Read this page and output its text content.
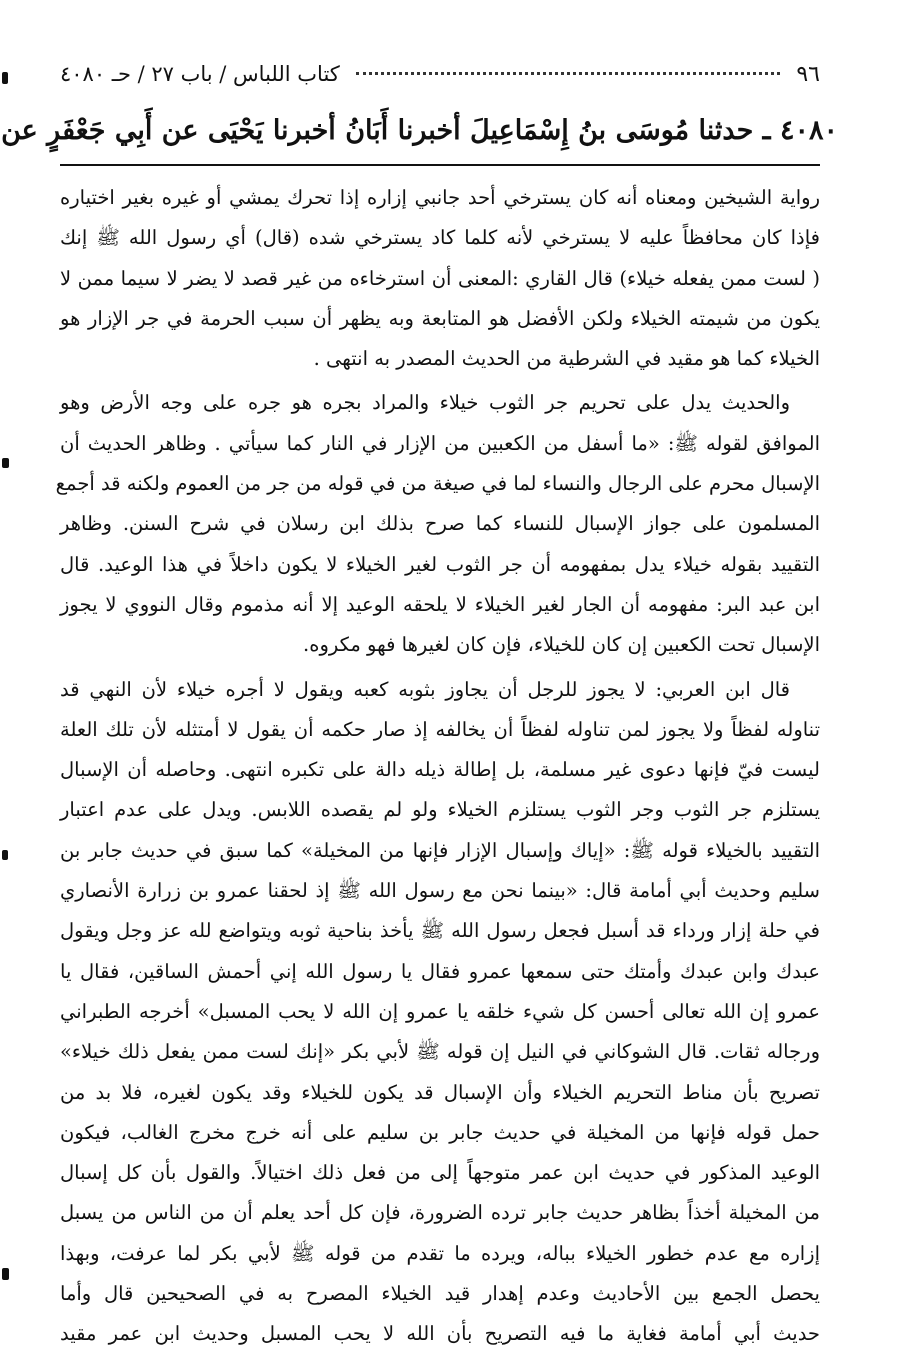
٩٦
كتاب اللباس / باب ٢٧ / حـ ٤٠٨٠
٤٠٨٠ ـ حدثنا مُوسَى بنُ إِسْمَاعِيلَ أخبرنا أَبَانُ أخبرنا يَحْيَى عن أَبِي جَعْفَرٍ عن
رواية الشيخين ومعناه أنه كان يسترخي أحد جانبي إزاره إذا تحرك يمشي أو غيره بغير اختياره
فإذا كان محافظاً عليه لا يسترخي لأنه كلما كاد يسترخي شده (قال) أي رسول الله ﷺ إنك
( لست ممن يفعله خيلاء) قال القاري :المعنى أن استرخاءه من غير قصد لا يضر لا سيما ممن لا
يكون من شيمته الخيلاء ولكن الأفضل هو المتابعة وبه يظهر أن سبب الحرمة في جر الإزار هو
الخيلاء كما هو مقيد في الشرطية من الحديث المصدر به انتهى .
والحديث يدل على تحريم جر الثوب خيلاء والمراد بجره هو جره على وجه الأرض وهو
الموافق لقوله ﷺ: «ما أسفل من الكعبين من الإزار في النار كما سيأتي . وظاهر الحديث أن
الإسبال محرم على الرجال والنساء لما في صيغة من في قوله من جر من العموم ولكنه قد أجمع
المسلمون على جواز الإسبال للنساء كما صرح بذلك ابن رسلان في شرح السنن. وظاهر
التقييد بقوله خيلاء يدل بمفهومه أن جر الثوب لغير الخيلاء لا يكون داخلاً في هذا الوعيد. قال
ابن عبد البر: مفهومه أن الجار لغير الخيلاء لا يلحقه الوعيد إلا أنه مذموم وقال النووي لا يجوز
الإسبال تحت الكعبين إن كان للخيلاء، فإن كان لغيرها فهو مكروه.
قال ابن العربي: لا يجوز للرجل أن يجاوز بثوبه كعبه ويقول لا أجره خيلاء لأن النهي قد
تناوله لفظاً ولا يجوز لمن تناوله لفظاً أن يخالفه إذ صار حكمه أن يقول لا أمتثله لأن تلك العلة
ليست فيّ فإنها دعوى غير مسلمة، بل إطالة ذيله دالة على تكبره انتهى. وحاصله أن الإسبال
يستلزم جر الثوب وجر الثوب يستلزم الخيلاء ولو لم يقصده اللابس. ويدل على عدم اعتبار
التقييد بالخيلاء قوله ﷺ: «إياك وإسبال الإزار فإنها من المخيلة» كما سبق في حديث جابر بن
سليم وحديث أبي أمامة قال: «بينما نحن مع رسول الله ﷺ إذ لحقنا عمرو بن زرارة الأنصاري
في حلة إزار ورداء قد أسبل فجعل رسول الله ﷺ يأخذ بناحية ثوبه ويتواضع لله عز وجل ويقول
عبدك وابن عبدك وأمتك حتى سمعها عمرو فقال يا رسول الله إني أحمش الساقين، فقال يا
عمرو إن الله تعالى أحسن كل شيء خلقه يا عمرو إن الله لا يحب المسبل» أخرجه الطبراني
ورجاله ثقات. قال الشوكاني في النيل إن قوله ﷺ لأبي بكر «إنك لست ممن يفعل ذلك خيلاء»
تصريح بأن مناط التحريم الخيلاء وأن الإسبال قد يكون للخيلاء وقد يكون لغيره، فلا بد من
حمل قوله فإنها من المخيلة في حديث جابر بن سليم على أنه خرج مخرج الغالب، فيكون
الوعيد المذكور في حديث ابن عمر متوجهاً إلى من فعل ذلك اختيالاً. والقول بأن كل إسبال
من المخيلة أخذاً بظاهر حديث جابر ترده الضرورة، فإن كل أحد يعلم أن من الناس من يسبل
إزاره مع عدم خطور الخيلاء بباله، ويرده ما تقدم من قوله ﷺ لأبي بكر لما عرفت، وبهذا
يحصل الجمع بين الأحاديث وعدم إهدار قيد الخيلاء المصرح به في الصحيحين قال وأما
حديث أبي أمامة فغاية ما فيه التصريح بأن الله لا يحب المسبل وحديث ابن عمر مقيد
